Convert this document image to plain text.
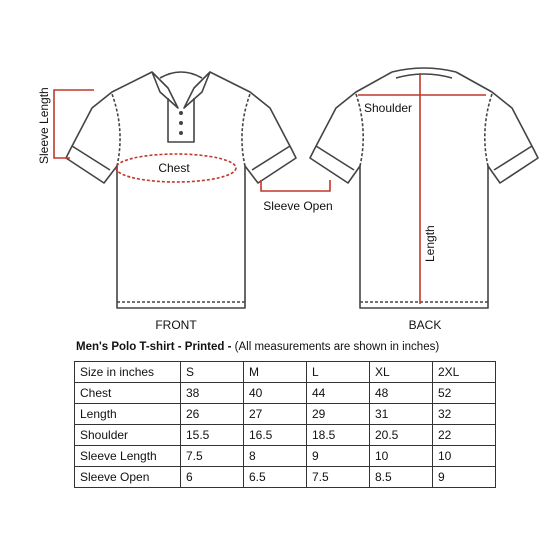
Sleeve Length
Chest
Sleeve Open
Shoulder
Length
FRONT	BACK
Men's Polo T-shirt - Printed - (All measurements are shown in inches)
Size in inches	S	M	L	XL	2XL
Chest	38	40	44	48	52
Length	26	27	29	31	32
Shoulder	15.5	16.5	18.5	20.5	22
Sleeve Length	7.5	8	9	10	10
Sleeve Open	6	6.5	7.5	8.5	9
